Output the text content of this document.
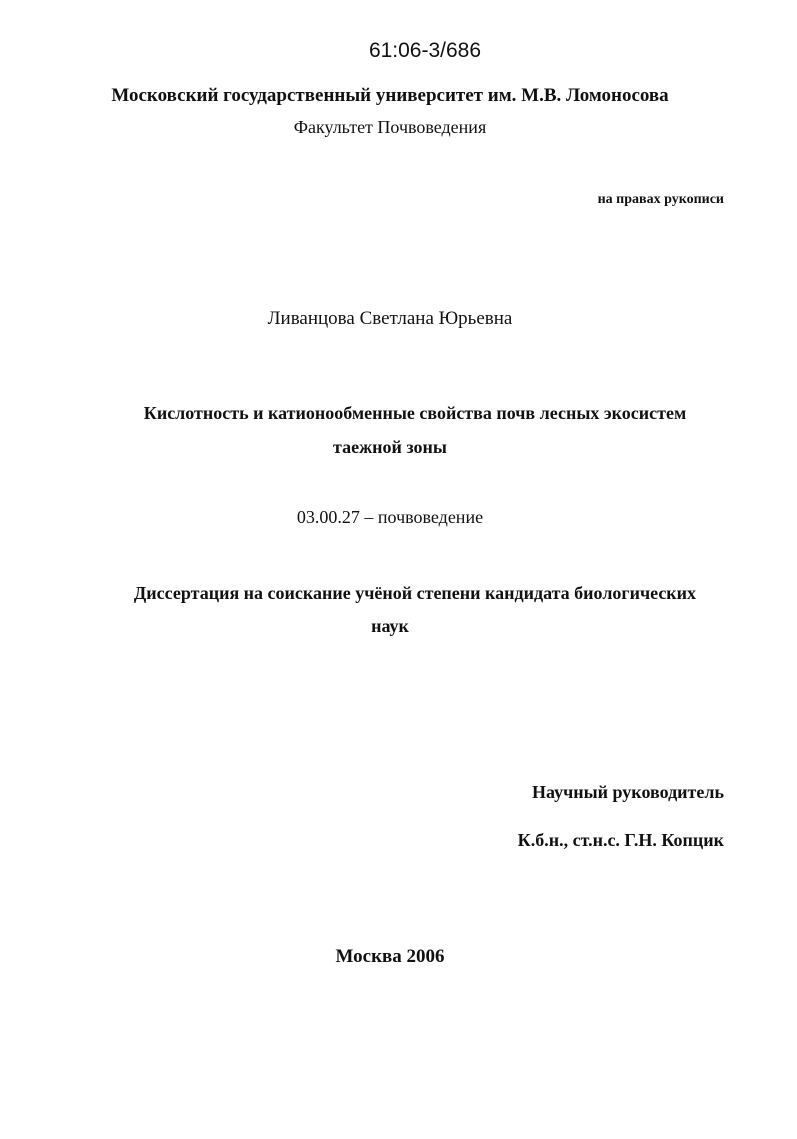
61:06-3/686
Московский государственный университет им. М.В. Ломоносова
Факультет Почвоведения
на правах рукописи
Ливанцова Светлана Юрьевна
Кислотность и катионообменные свойства почв лесных экосистем
таежной зоны
03.00.27 – почвоведение
Диссертация на соискание учёной степени кандидата биологических
наук
Научный руководитель
К.б.н., ст.н.с. Г.Н. Копцик
Москва 2006
